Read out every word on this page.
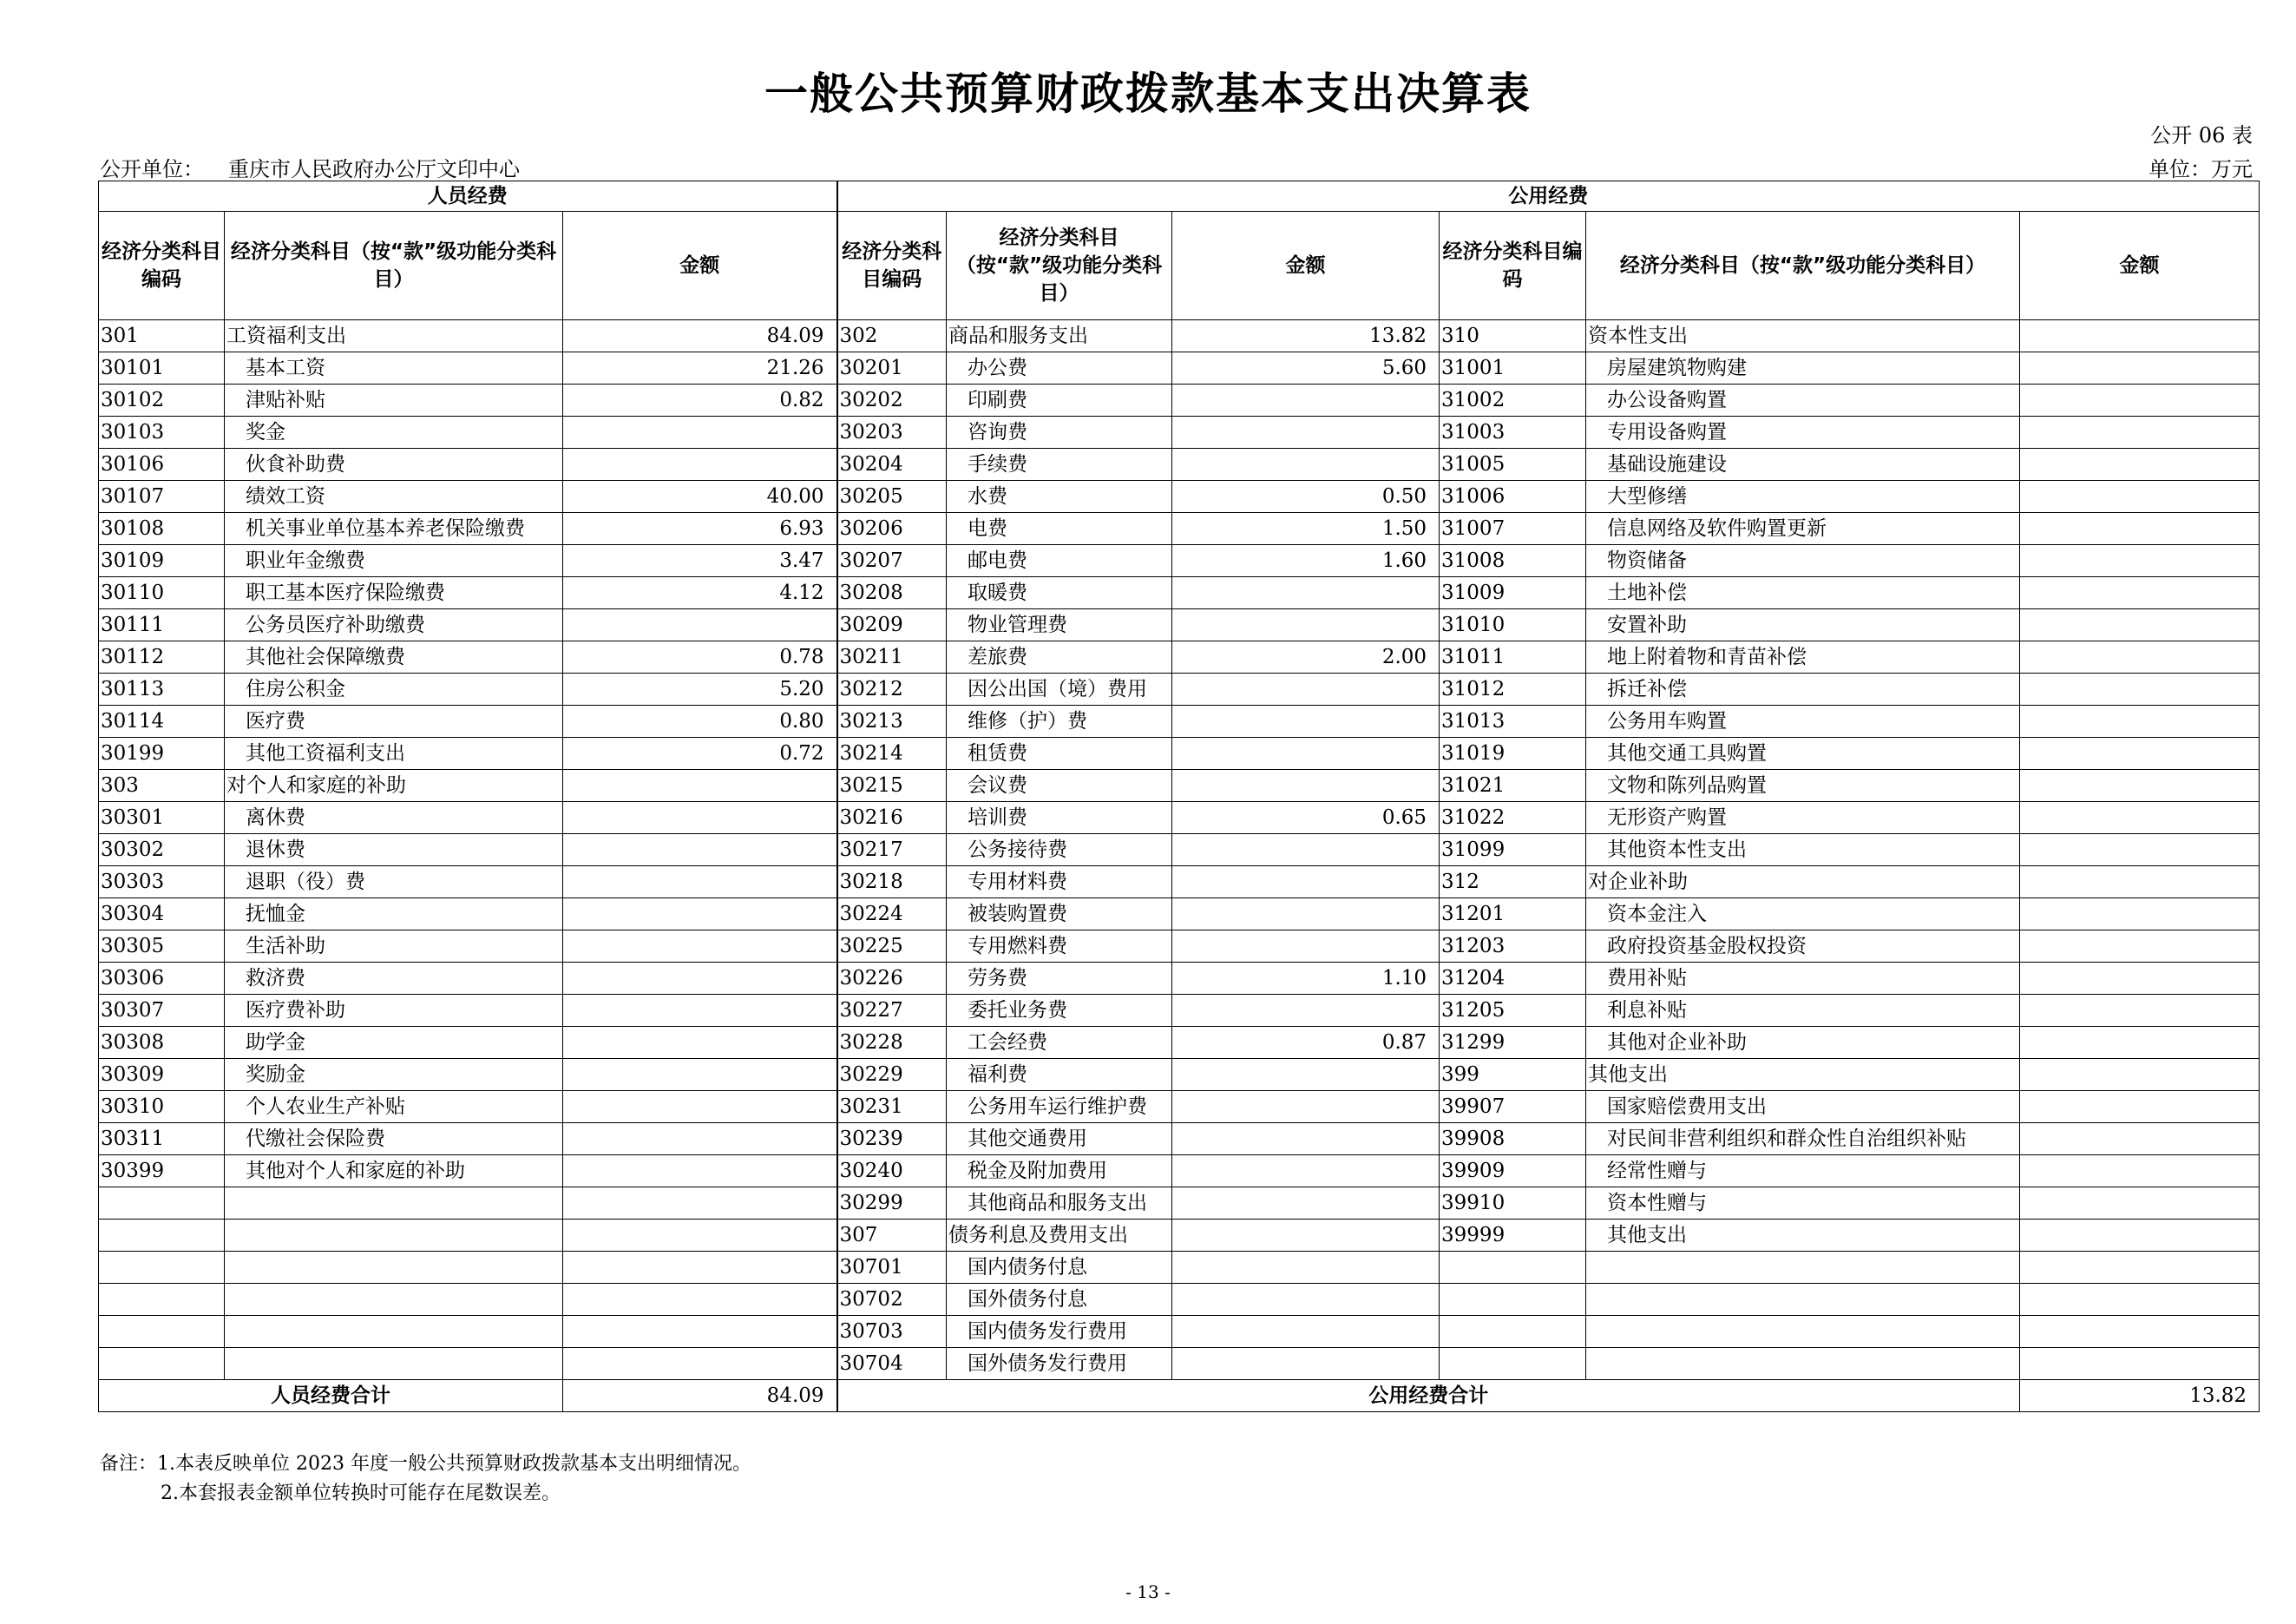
一般公共预算财政拨款基本支出决算表
公开 06 表
公开单位： 重庆市人民政府办公厅文印中心	单位：万元
人员经费			公用经费					
经济分类科目编码	经济分类科目（按“款”级功能分类科目）	金额	经济分类科目编码	经济分类科目（按“款”级功能分类科目）	金额	经济分类科目编码	经济分类科目（按“款”级功能分类科目）	金额
301	工资福利支出	84.09	302	商品和服务支出	13.82	310	资本性支出	
30101	基本工资	21.26	30201	办公费	5.60	31001	房屋建筑物购建	
30102	津贴补贴	0.82	30202	印刷费		31002	办公设备购置	
30103	奖金		30203	咨询费		31003	专用设备购置	
30106	伙食补助费		30204	手续费		31005	基础设施建设	
30107	绩效工资	40.00	30205	水费	0.50	31006	大型修缮	
30108	机关事业单位基本养老保险缴费	6.93	30206	电费	1.50	31007	信息网络及软件购置更新	
30109	职业年金缴费	3.47	30207	邮电费	1.60	31008	物资储备	
30110	职工基本医疗保险缴费	4.12	30208	取暖费		31009	土地补偿	
30111	公务员医疗补助缴费		30209	物业管理费		31010	安置补助	
30112	其他社会保障缴费	0.78	30211	差旅费	2.00	31011	地上附着物和青苗补偿	
30113	住房公积金	5.20	30212	因公出国（境）费用		31012	拆迁补偿	
30114	医疗费	0.80	30213	维修（护）费		31013	公务用车购置	
30199	其他工资福利支出	0.72	30214	租赁费		31019	其他交通工具购置	
303	对个人和家庭的补助		30215	会议费		31021	文物和陈列品购置	
30301	离休费		30216	培训费	0.65	31022	无形资产购置	
30302	退休费		30217	公务接待费		31099	其他资本性支出	
30303	退职（役）费		30218	专用材料费		312	对企业补助	
30304	抚恤金		30224	被装购置费		31201	资本金注入	
30305	生活补助		30225	专用燃料费		31203	政府投资基金股权投资	
30306	救济费		30226	劳务费	1.10	31204	费用补贴	
30307	医疗费补助		30227	委托业务费		31205	利息补贴	
30308	助学金		30228	工会经费	0.87	31299	其他对企业补助	
30309	奖励金		30229	福利费		399	其他支出	
30310	个人农业生产补贴		30231	公务用车运行维护费		39907	国家赔偿费用支出	
30311	代缴社会保险费		30239	其他交通费用		39908	对民间非营利组织和群众性自治组织补贴	
30399	其他对个人和家庭的补助		30240	税金及附加费用		39909	经常性赠与	
			30299	其他商品和服务支出		39910	资本性赠与	
			307	债务利息及费用支出		39999	其他支出	
			30701	国内债务付息				
			30702	国外债务付息				
			30703	国内债务发行费用				
			30704	国外债务发行费用				
人员经费合计		84.09	公用经费合计					13.82
备注：1.本表反映单位 2023 年度一般公共预算财政拨款基本支出明细情况。
2.本套报表金额单位转换时可能存在尾数误差。
- 13 -
